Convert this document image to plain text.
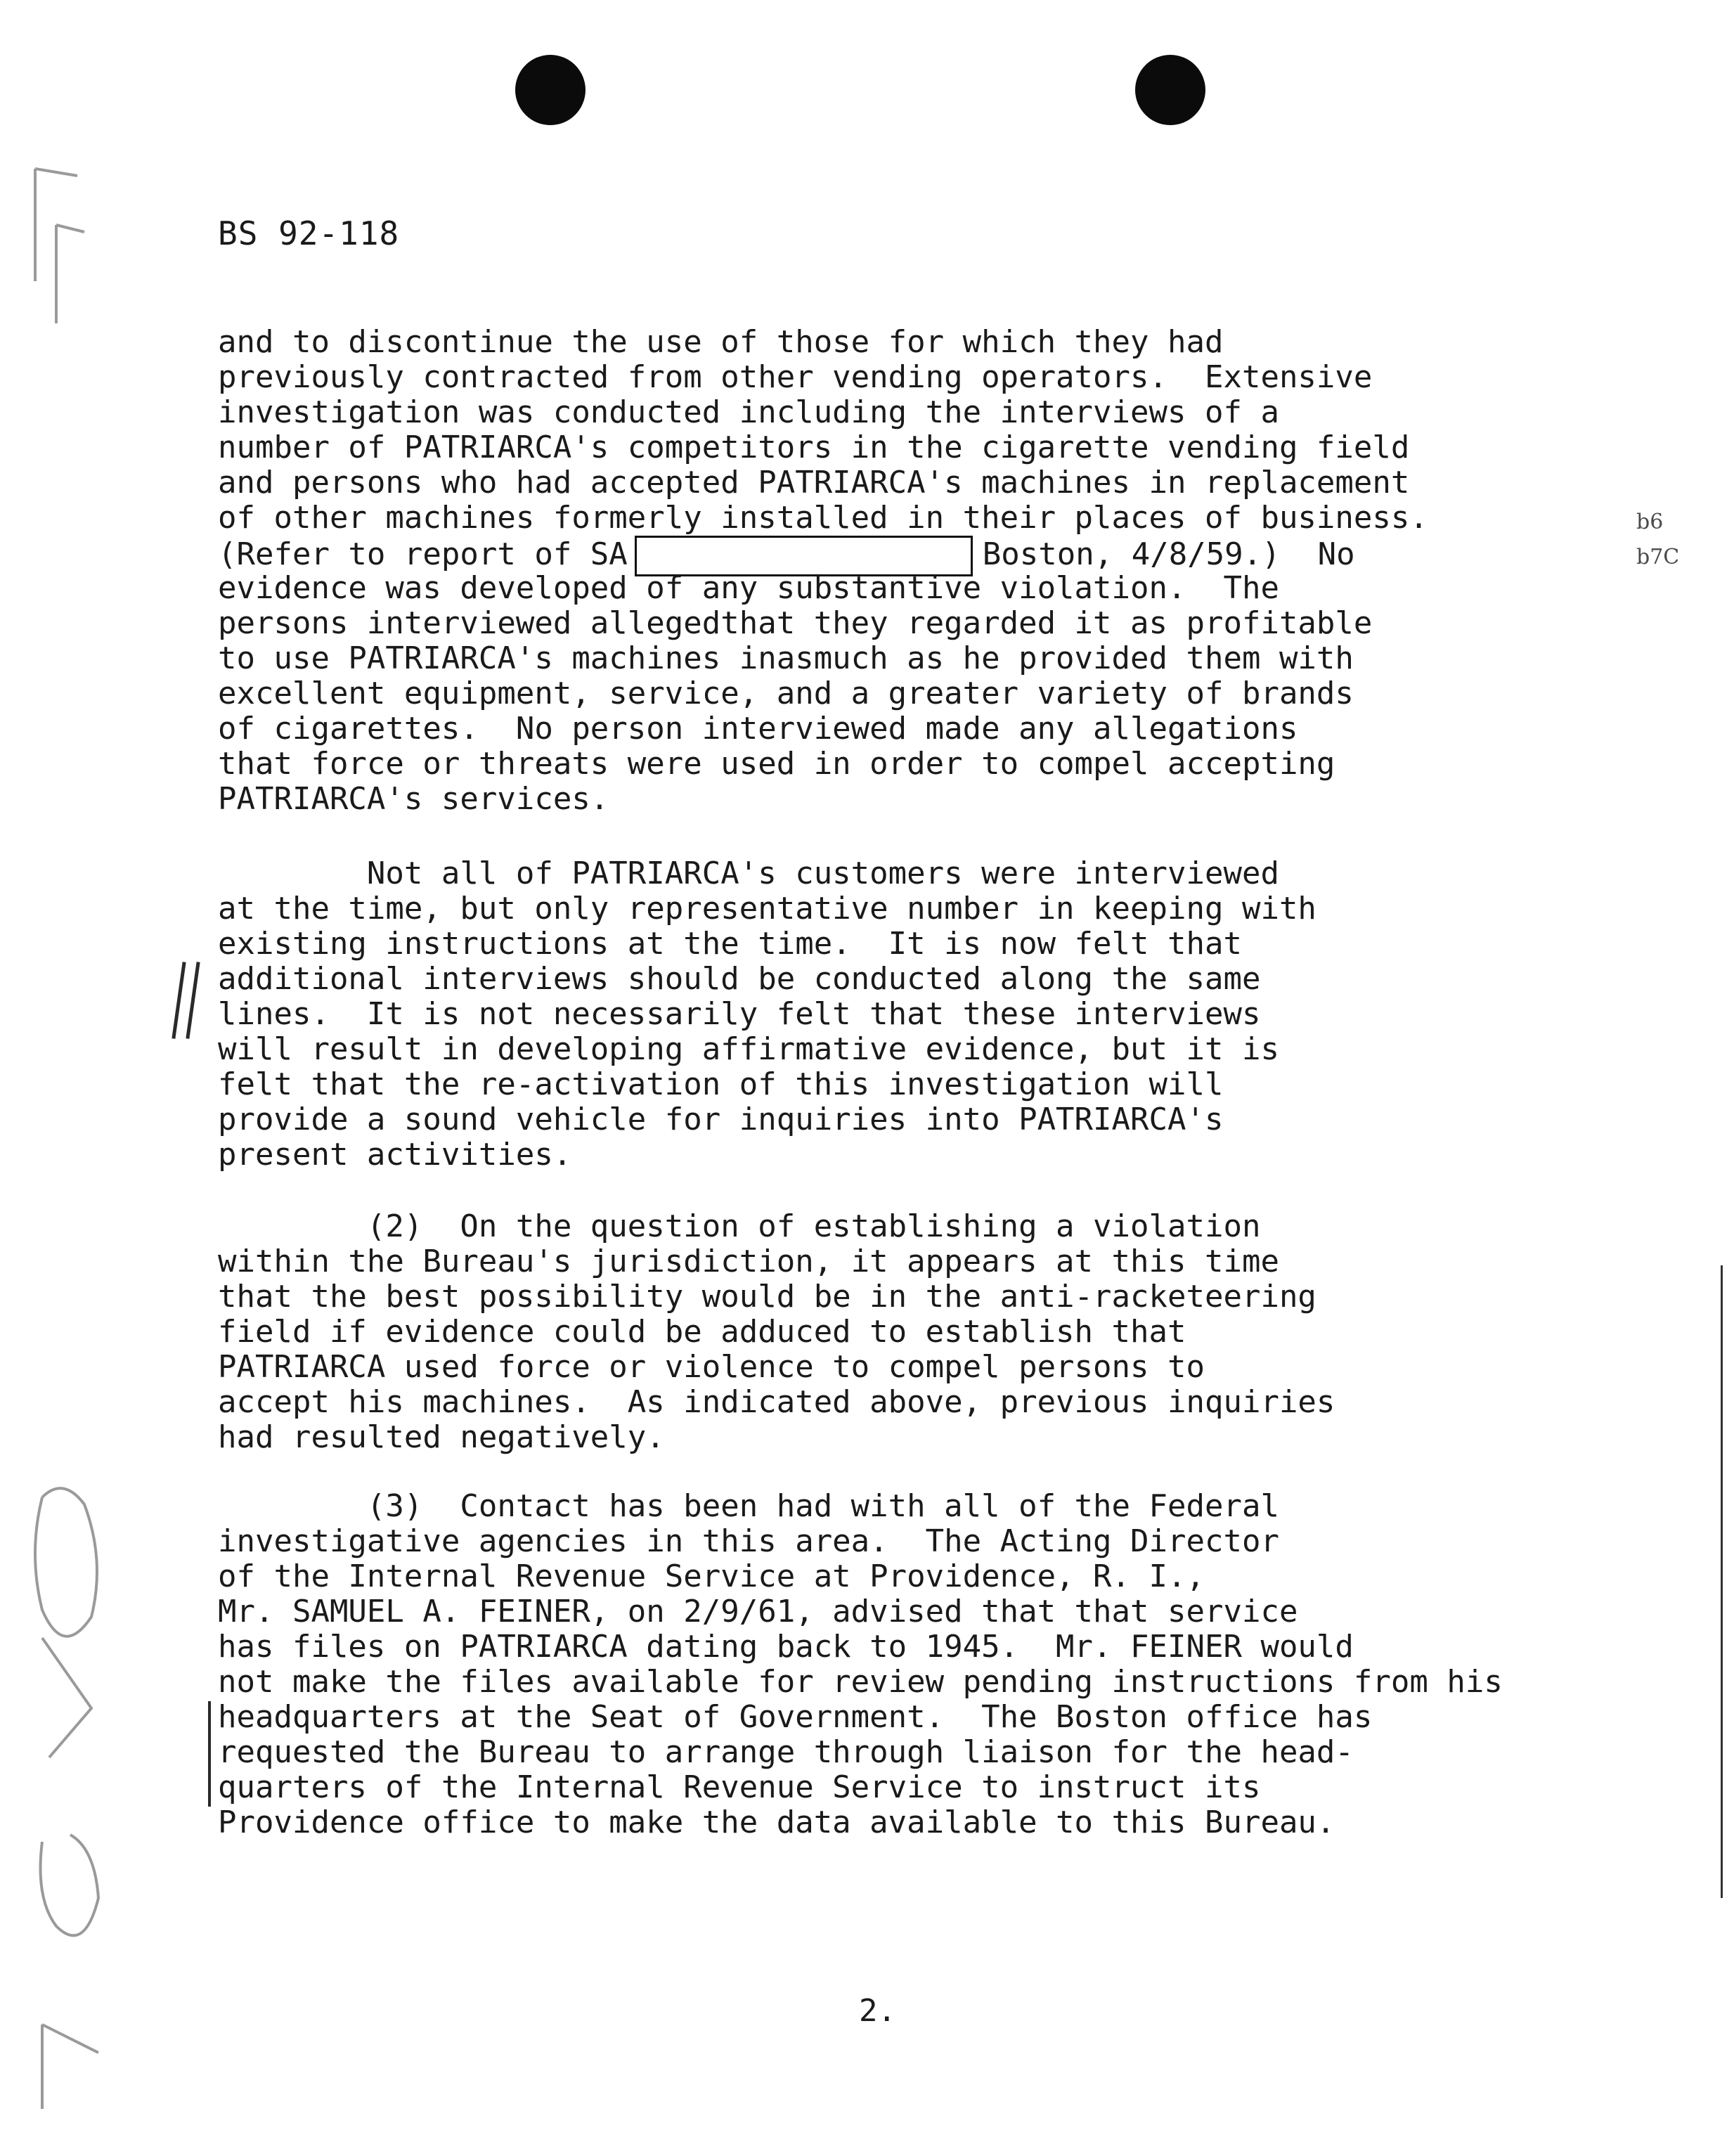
BS 92-118
and to discontinue the use of those for which they had
previously contracted from other vending operators.  Extensive
investigation was conducted including the interviews of a
number of PATRIARCA's competitors in the cigarette vending field
and persons who had accepted PATRIARCA's machines in replacement
of other machines formerly installed in their places of business.
(Refer to report of SA	Boston, 4/8/59.)  No
evidence was developed of any substantive violation.  The
persons interviewed allegedthat they regarded it as profitable
to use PATRIARCA's machines inasmuch as he provided them with
excellent equipment, service, and a greater variety of brands
of cigarettes.  No person interviewed made any allegations
that force or threats were used in order to compel accepting
PATRIARCA's services.
b6
b7C
Not all of PATRIARCA's customers were interviewed
at the time, but only representative number in keeping with
existing instructions at the time.  It is now felt that
additional interviews should be conducted along the same
lines.  It is not necessarily felt that these interviews
will result in developing affirmative evidence, but it is
felt that the re-activation of this investigation will
provide a sound vehicle for inquiries into PATRIARCA's
present activities.
(2)  On the question of establishing a violation
within the Bureau's jurisdiction, it appears at this time
that the best possibility would be in the anti-racketeering
field if evidence could be adduced to establish that
PATRIARCA used force or violence to compel persons to
accept his machines.  As indicated above, previous inquiries
had resulted negatively.
(3)  Contact has been had with all of the Federal
investigative agencies in this area.  The Acting Director
of the Internal Revenue Service at Providence, R. I.,
Mr. SAMUEL A. FEINER, on 2/9/61, advised that that service
has files on PATRIARCA dating back to 1945.  Mr. FEINER would
not make the files available for review pending instructions from his
headquarters at the Seat of Government.  The Boston office has
requested the Bureau to arrange through liaison for the head-
quarters of the Internal Revenue Service to instruct its
Providence office to make the data available to this Bureau.
2.
